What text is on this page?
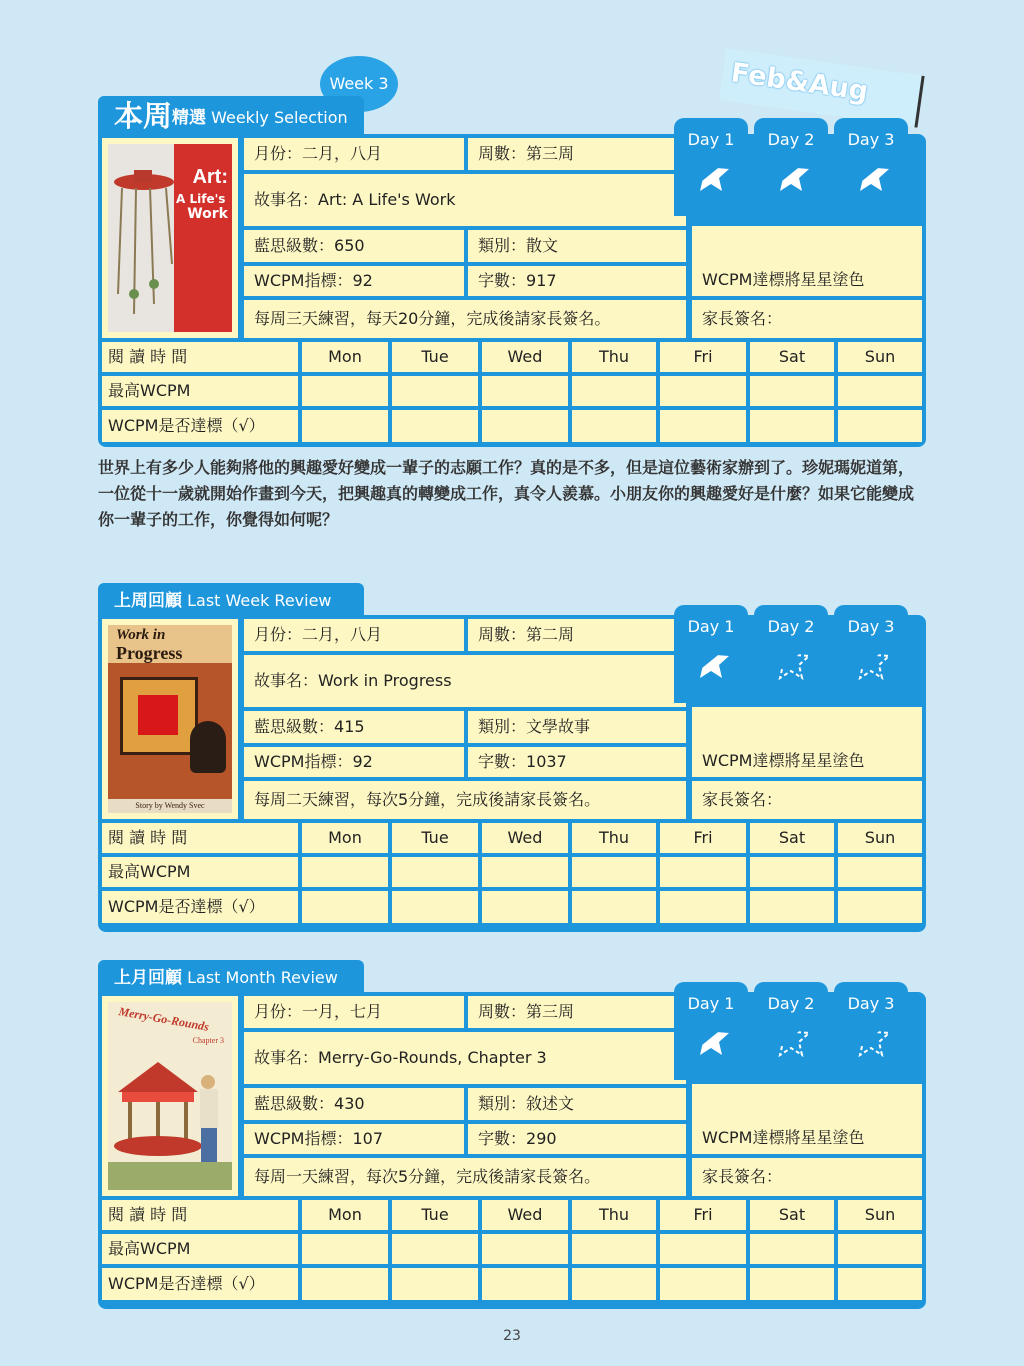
Feb&Aug
Week 3
本周精選 Weekly Selection
Art:
A Life's
Work
月份： 二月，八月	周數： 第三周
故事名： Art: A Life's Work
藍思級數： 650	類別： 散文
WCPM指標： 92	字數： 917
每周三天練習，每天20分鐘，完成後請家長簽名。
WCPM達標將星星塗色
家長簽名：
閱 讀 時 間	Mon	Tue	Wed	Thu	Fri	Sat	Sun
最高WCPM
WCPM是否達標（√）
Day 1	Day 2	Day 3
上周回顧 Last Week Review
Work in
Progress
Story by Wendy Svec
月份： 二月，八月	周數： 第二周
故事名： Work in Progress
藍思級數： 415	類別： 文學故事
WCPM指標： 92	字數： 1037
每周二天練習，每次5分鐘，完成後請家長簽名。
WCPM達標將星星塗色
家長簽名：
閱 讀 時 間	Mon	Tue	Wed	Thu	Fri	Sat	Sun
最高WCPM
WCPM是否達標（√）
Day 1	Day 2	Day 3
上月回顧 Last Month Review
Merry-Go-Rounds
Chapter 3
月份： 一月，七月	周數： 第三周
故事名： Merry-Go-Rounds, Chapter 3
藍思級數： 430	類別： 敘述文
WCPM指標： 107	字數： 290
每周一天練習，每次5分鐘，完成後請家長簽名。
WCPM達標將星星塗色
家長簽名：
閱 讀 時 間	Mon	Tue	Wed	Thu	Fri	Sat	Sun
最高WCPM
WCPM是否達標（√）
Day 1	Day 2	Day 3
世界上有多少人能夠將他的興趣愛好變成一輩子的志願工作？真的是不多，但是這位藝術家辦到了。珍妮瑪妮道第，一位從十一歲就開始作畫到今天，把興趣真的轉變成工作，真令人羨慕。小朋友你的興趣愛好是什麼？如果它能變成你一輩子的工作，你覺得如何呢？
23
